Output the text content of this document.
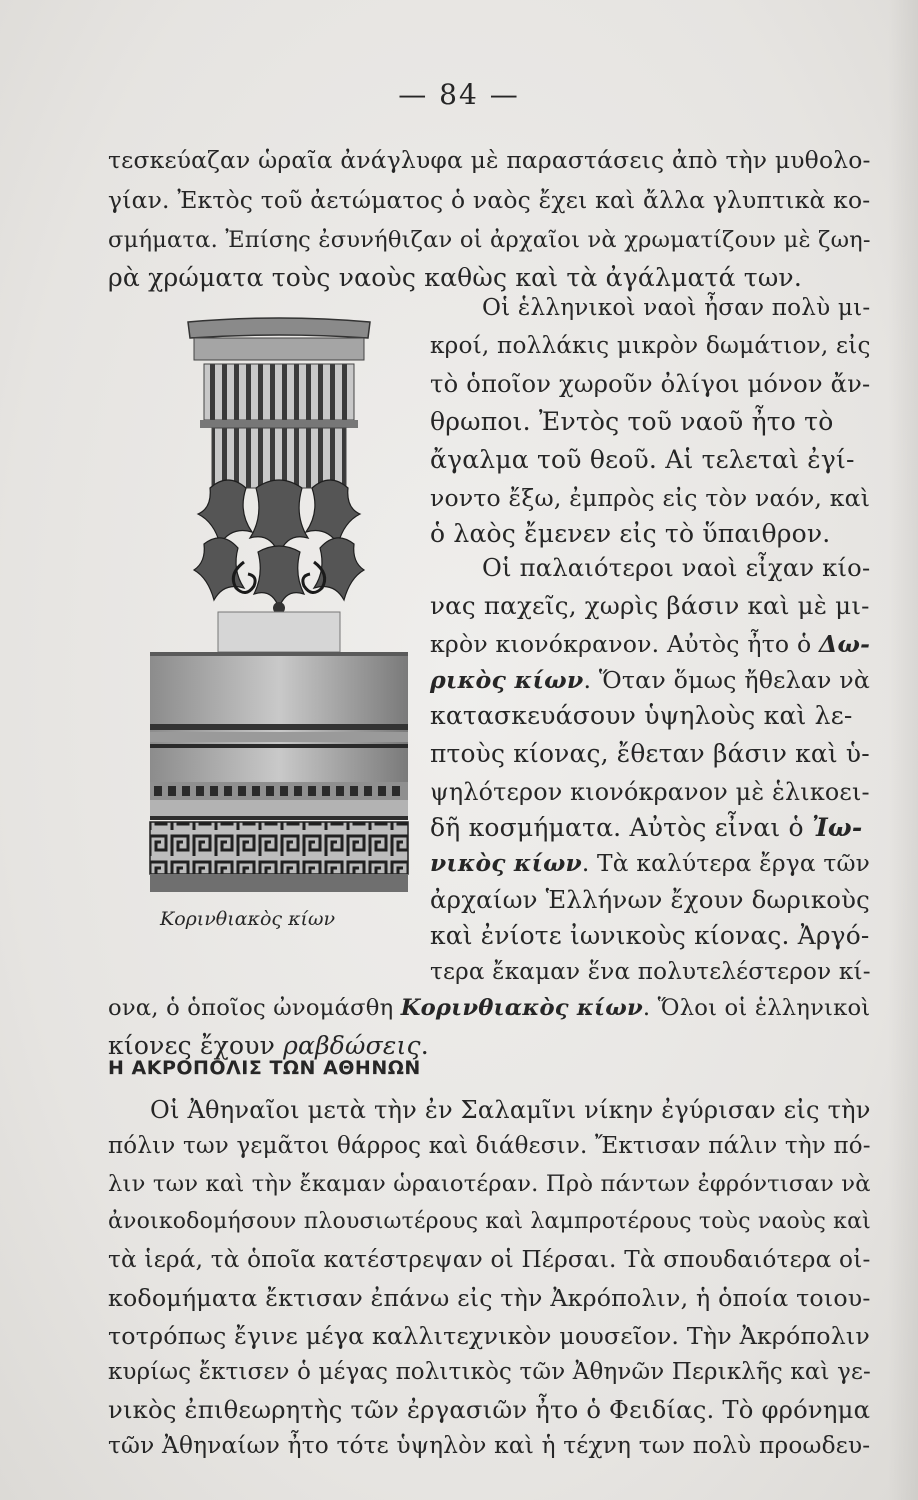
— 84 —
τεσκεύαζαν ὡραῖα ἀνάγλυφα μὲ παραστάσεις ἀπὸ τὴν μυθολο-
γίαν. Ἐκτὸς τοῦ ἀετώματος ὁ ναὸς ἔχει καὶ ἄλλα γλυπτικὰ κο-
σμήματα. Ἐπίσης ἐσυνήθιζαν οἱ ἀρχαῖοι νὰ χρωματίζουν μὲ ζωη-
ρὰ χρώματα τοὺς ναοὺς καθὼς καὶ τὰ ἀγάλματά των.
Οἱ ἑλληνικοὶ ναοὶ ἦσαν πολὺ μι-
κροί, πολλάκις μικρὸν δωμάτιον, εἰς
τὸ ὁποῖον χωροῦν ὀλίγοι μόνον ἄν-
θρωποι. Ἐντὸς τοῦ ναοῦ ἦτο τὸ
ἄγαλμα τοῦ θεοῦ. Αἱ τελεταὶ ἐγί-
νοντο ἔξω, ἐμπρὸς εἰς τὸν ναόν, καὶ
ὁ λαὸς ἔμενεν εἰς τὸ ὕπαιθρον.
Οἱ παλαιότεροι ναοὶ εἶχαν κίο-
νας παχεῖς, χωρὶς βάσιν καὶ μὲ μι-
κρὸν κιονόκρανον. Αὐτὸς ἦτο ὁ Δω-
ρικὸς κίων. Ὅταν ὅμως ἤθελαν νὰ
κατασκευάσουν ὑψηλοὺς καὶ λε-
πτοὺς κίονας, ἔθεταν βάσιν καὶ ὑ-
ψηλότερον κιονόκρανον μὲ ἑλικοει-
δῆ κοσμήματα. Αὐτὸς εἶναι ὁ Ἰω-
νικὸς κίων. Τὰ καλύτερα ἔργα τῶν
ἀρχαίων Ἑλλήνων ἔχουν δωρικοὺς
καὶ ἐνίοτε ἰωνικοὺς κίονας. Ἀργό-
τερα ἔκαμαν ἕνα πολυτελέστερον κί-
Κορινθιακὸς κίων
ονα, ὁ ὁποῖος ὠνομάσθη Κορινθιακὸς κίων. Ὅλοι οἱ ἑλληνικοὶ
κίονες ἔχουν ραβδώσεις.
Η ΑΚΡΟΠΟΛΙΣ ΤΩΝ ΑΘΗΝΩΝ
Οἱ Ἀθηναῖοι μετὰ τὴν ἐν Σαλαμῖνι νίκην ἐγύρισαν εἰς τὴν
πόλιν των γεμᾶτοι θάρρος καὶ διάθεσιν. Ἔκτισαν πάλιν τὴν πό-
λιν των καὶ τὴν ἔκαμαν ὡραιοτέραν. Πρὸ πάντων ἐφρόντισαν νὰ
ἀνοικοδομήσουν πλουσιωτέρους καὶ λαμπροτέρους τοὺς ναοὺς καὶ
τὰ ἱερά, τὰ ὁποῖα κατέστρεψαν οἱ Πέρσαι. Τὰ σπουδαιότερα οἰ-
κοδομήματα ἔκτισαν ἐπάνω εἰς τὴν Ἀκρόπολιν, ἡ ὁποία τοιου-
τοτρόπως ἔγινε μέγα καλλιτεχνικὸν μουσεῖον. Τὴν Ἀκρόπολιν
κυρίως ἔκτισεν ὁ μέγας πολιτικὸς τῶν Ἀθηνῶν Περικλῆς καὶ γε-
νικὸς ἐπιθεωρητὴς τῶν ἐργασιῶν ἦτο ὁ Φειδίας. Τὸ φρόνημα
τῶν Ἀθηναίων ἦτο τότε ὑψηλὸν καὶ ἡ τέχνη των πολὺ προωδευ-
